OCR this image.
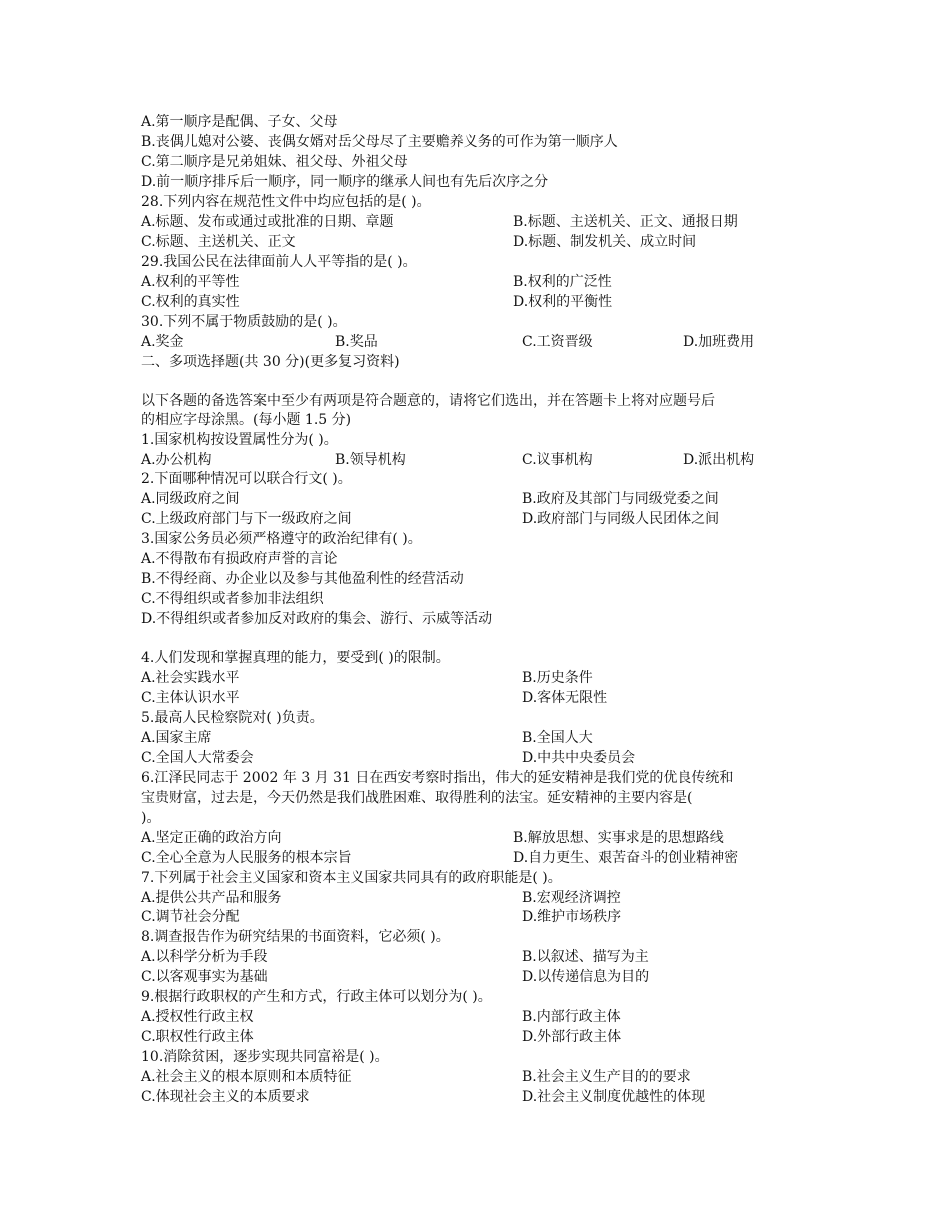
A.第一顺序是配偶、子女、父母
B.丧偶儿媳对公婆、丧偶女婿对岳父母尽了主要赡养义务的可作为第一顺序人
C.第二顺序是兄弟姐妹、祖父母、外祖父母
D.前一顺序排斥后一顺序，同一顺序的继承人间也有先后次序之分
28.下列内容在规范性文件中均应包括的是( )。
A.标题、发布或通过或批准的日期、章题	B.标题、主送机关、正文、通报日期
C.标题、主送机关、正文	D.标题、制发机关、成立时间
29.我国公民在法律面前人人平等指的是( )。
A.权利的平等性	B.权利的广泛性
C.权利的真实性	D.权利的平衡性
30.下列不属于物质鼓励的是( )。
A.奖金	B.奖品	C.工资晋级	D.加班费用
二、多项选择题(共 30 分)(更多复习资料)
以下各题的备选答案中至少有两项是符合题意的，请将它们选出，并在答题卡上将对应题号后
的相应字母涂黑。(每小题 1.5 分)
1.国家机构按设置属性分为( )。
A.办公机构	B.领导机构	C.议事机构	D.派出机构
2.下面哪种情况可以联合行文( )。
A.同级政府之间	B.政府及其部门与同级党委之间
C.上级政府部门与下一级政府之间	D.政府部门与同级人民团体之间
3.国家公务员必须严格遵守的政治纪律有( )。
A.不得散布有损政府声誉的言论
B.不得经商、办企业以及参与其他盈利性的经营活动
C.不得组织或者参加非法组织
D.不得组织或者参加反对政府的集会、游行、示威等活动
4.人们发现和掌握真理的能力，要受到( )的限制。
A.社会实践水平	B.历史条件
C.主体认识水平	D.客体无限性
5.最高人民检察院对( )负责。
A.国家主席	B.全国人大
C.全国人大常委会	D.中共中央委员会
6.江泽民同志于 2002 年 3 月 31 日在西安考察时指出，伟大的延安精神是我们党的优良传统和
宝贵财富，过去是，今天仍然是我们战胜困难、取得胜利的法宝。延安精神的主要内容是(
)。
A.坚定正确的政治方向	B.解放思想、实事求是的思想路线
C.全心全意为人民服务的根本宗旨	D.自力更生、艰苦奋斗的创业精神密
7.下列属于社会主义国家和资本主义国家共同具有的政府职能是( )。
A.提供公共产品和服务	B.宏观经济调控
C.调节社会分配	D.维护市场秩序
8.调查报告作为研究结果的书面资料，它必须( )。
A.以科学分析为手段	B.以叙述、描写为主
C.以客观事实为基础	D.以传递信息为目的
9.根据行政职权的产生和方式，行政主体可以划分为( )。
A.授权性行政主权	B.内部行政主体
C.职权性行政主体	D.外部行政主体
10.消除贫困，逐步实现共同富裕是( )。
A.社会主义的根本原则和本质特征	B.社会主义生产目的的要求
C.体现社会主义的本质要求	D.社会主义制度优越性的体现
